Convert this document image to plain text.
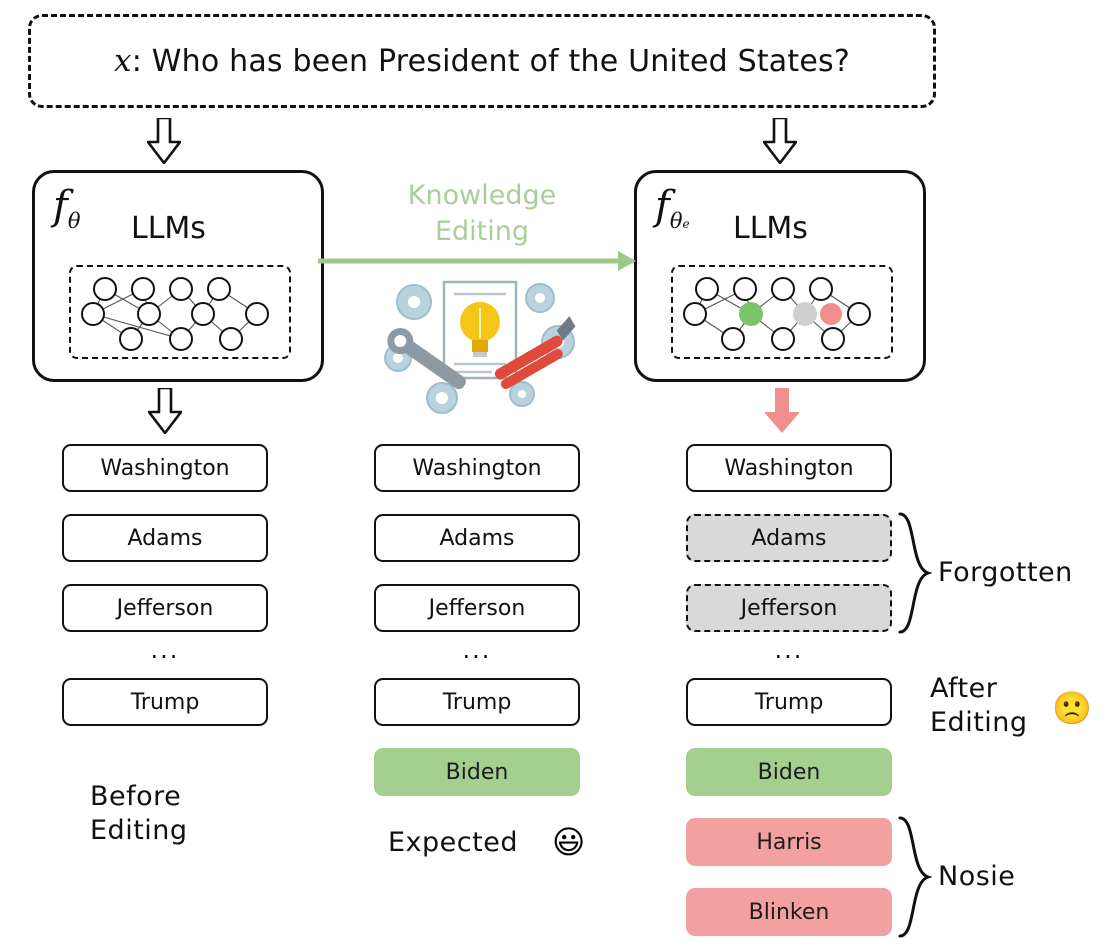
x: Who has been President of the United States?
$f_\theta$ LLMs	$f_{\theta e}$ LLMs
Knowledge
Editing
Washington
Adams
Jefferson
...
Trump
Before
Editing
Washington
Adams
Jefferson
...
Trump
Biden
Expected 😃
Washington
Adams
Jefferson
...
Trump
Biden
Harris
Blinken
Forgotten
Nosie
After
Editing 🙁
